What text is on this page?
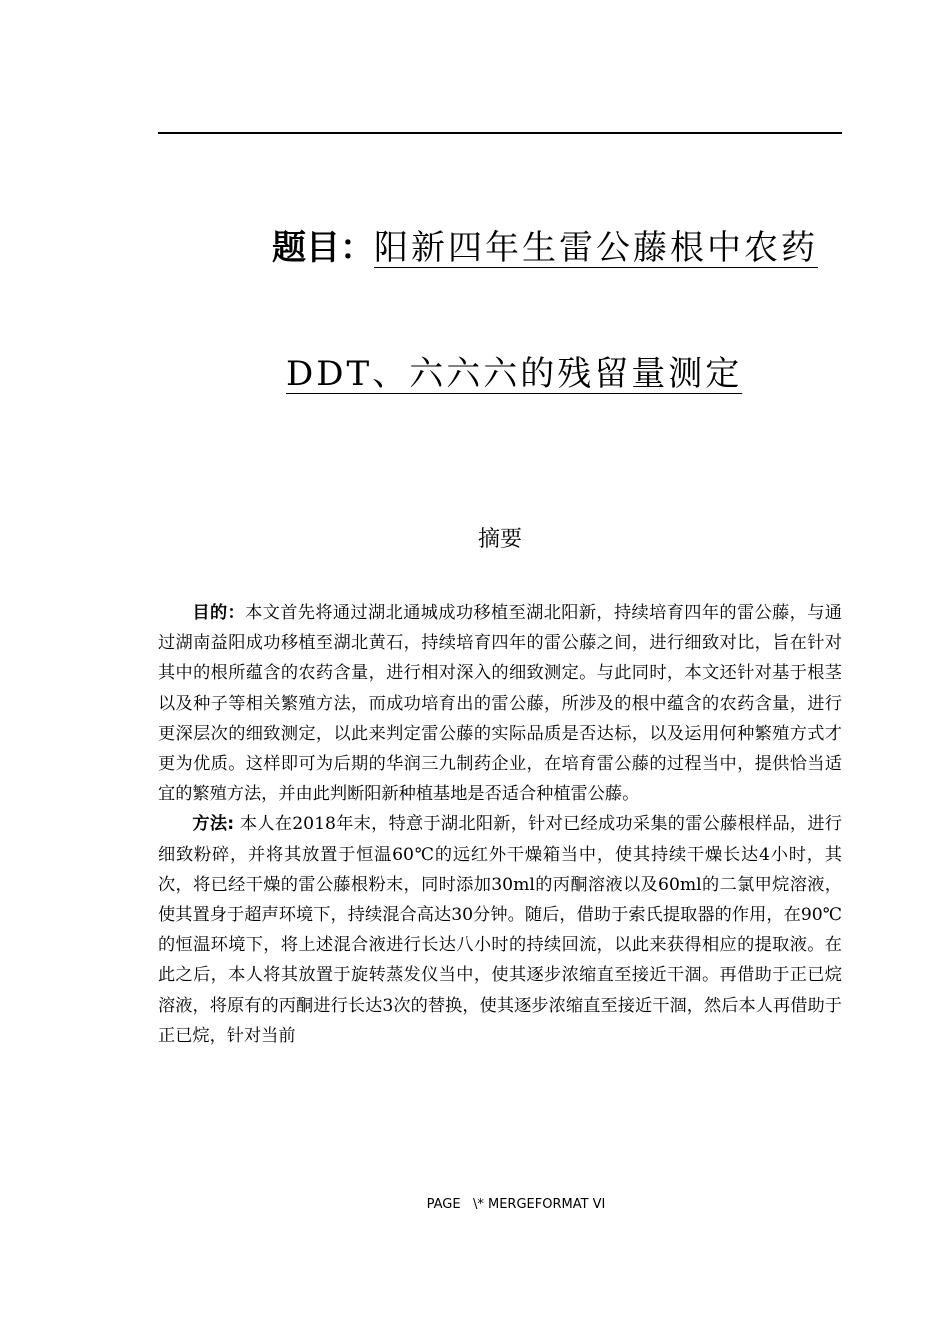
题目：阳新四年生雷公藤根中农药
DDT、六六六的残留量测定
摘要

目的：本文首先将通过湖北通城成功移植至湖北阳新，持续培育四年的雷公藤，与通过湖南益阳成功移植至湖北黄石，持续培育四年的雷公藤之间，进行细致对比，旨在针对其中的根所蕴含的农药含量，进行相对深入的细致测定。与此同时，本文还针对基于根茎以及种子等相关繁殖方法，而成功培育出的雷公藤，所涉及的根中蕴含的农药含量，进行更深层次的细致测定，以此来判定雷公藤的实际品质是否达标，以及运用何种繁殖方式才更为优质。这样即可为后期的华润三九制药企业，在培育雷公藤的过程当中，提供恰当适宜的繁殖方法，并由此判断阳新种植基地是否适合种植雷公藤。

方法: 本人在2018年末，特意于湖北阳新，针对已经成功采集的雷公藤根样品，进行细致粉碎，并将其放置于恒温60℃的远红外干燥箱当中，使其持续干燥长达4小时，其次，将已经干燥的雷公藤根粉末，同时添加30ml的丙酮溶液以及60ml的二氯甲烷溶液，使其置身于超声环境下，持续混合高达30分钟。随后，借助于索氏提取器的作用，在90℃的恒温环境下，将上述混合液进行长达八小时的持续回流，以此来获得相应的提取液。在此之后，本人将其放置于旋转蒸发仪当中，使其逐步浓缩直至接近干涸。再借助于正已烷溶液，将原有的丙酮进行长达3次的替换，使其逐步浓缩直至接近干涸，然后本人再借助于正已烷，针对当前

PAGE   \* MERGEFORMAT VI
